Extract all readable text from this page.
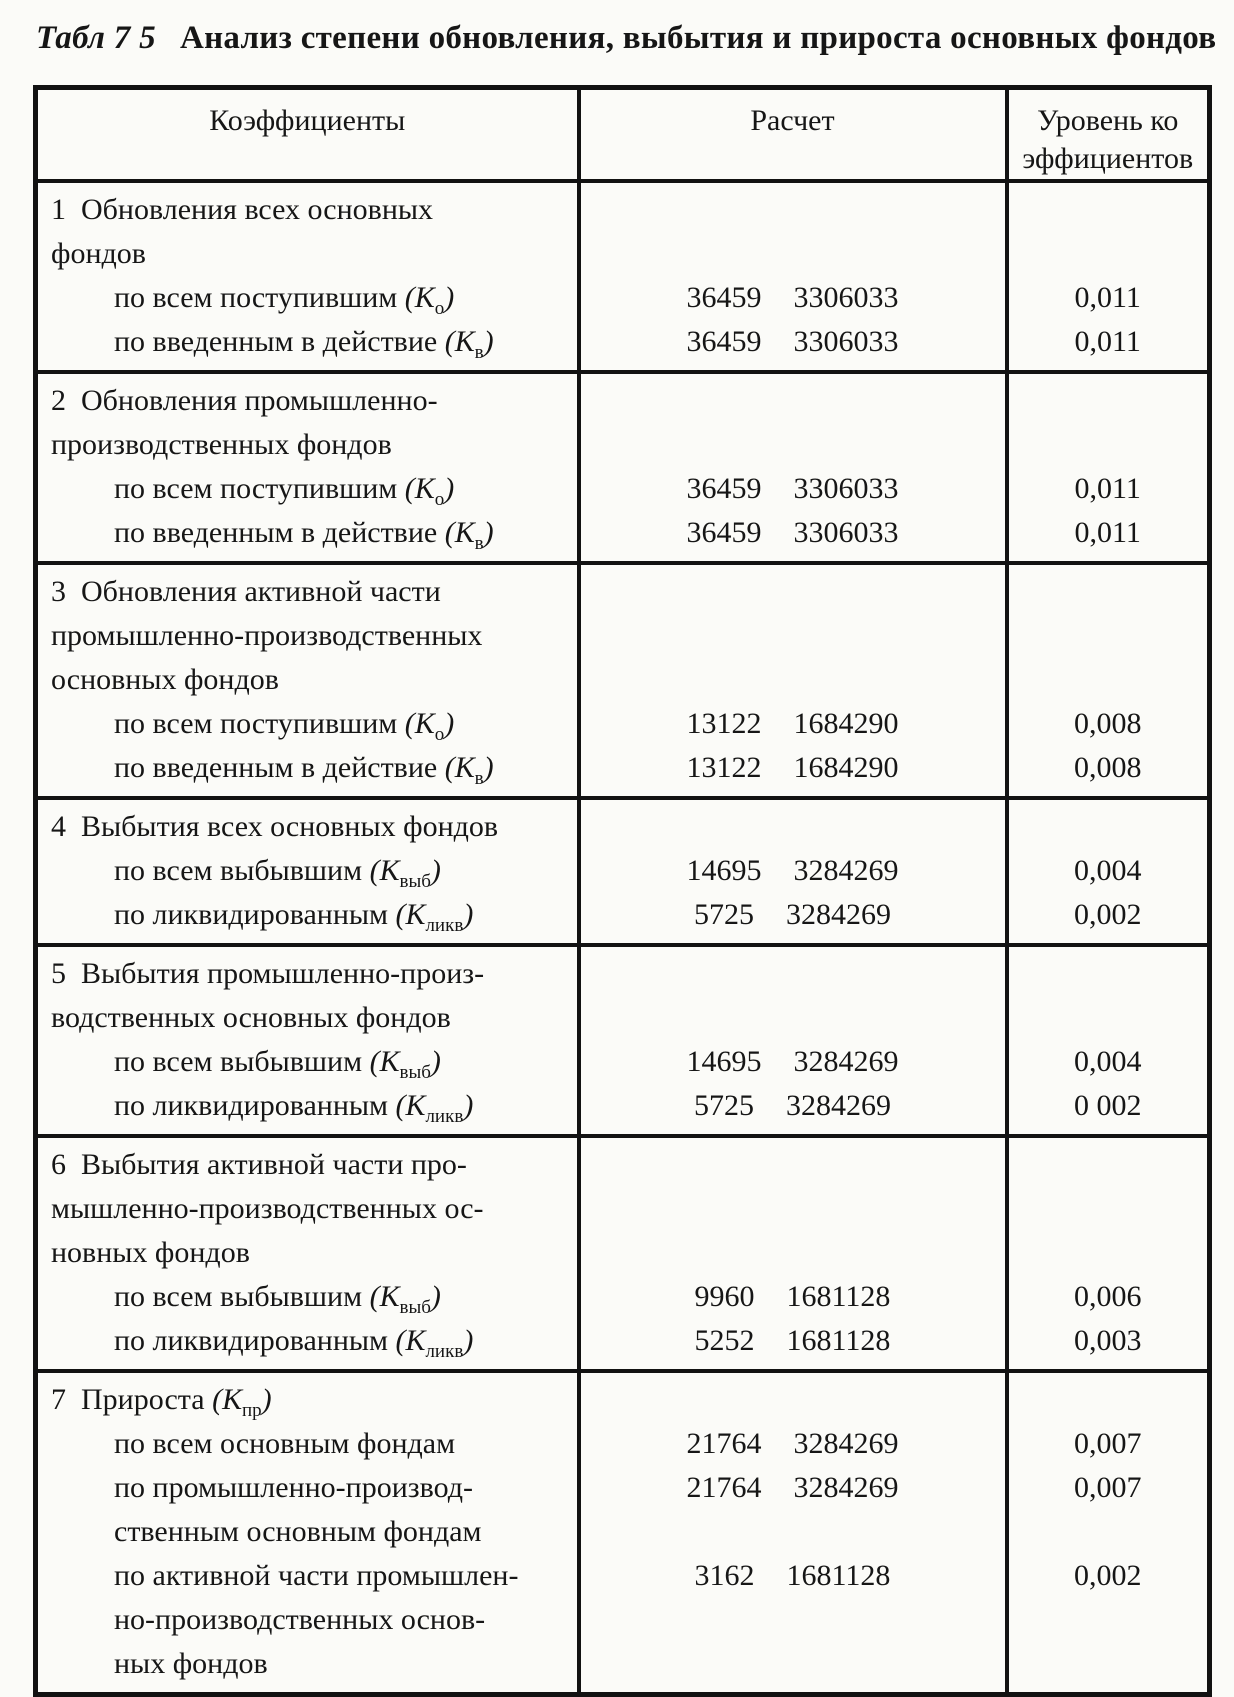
Табл 7 5 Анализ степени обновления, выбытия и прироста основных фондов
Коэффициенты	Расчет	Уровень ко
эффициентов

1  Обновления всех основных		
фондов		
по всем поступившим $(К_о)$	36459 3306033	0,011
по введенным в действие $(К_в)$	36459 3306033	0,011
2  Обновления промышленно-		
производственных фондов		
по всем поступившим $(К_о)$	36459 3306033	0,011
по введенным в действие $(К_в)$	36459 3306033	0,011
3  Обновления активной части		
промышленно-производственных		
основных фондов		
по всем поступившим $(К_о)$	13122 1684290	0,008
по введенным в действие $(К_в)$	13122 1684290	0,008
4  Выбытия всех основных фондов		
по всем выбывшим $(К_{выб})$	14695 3284269	0,004
по ликвидированным $(К_{ликв})$	5725 3284269	0,002
5  Выбытия промышленно-произ-		
водственных основных фондов		
по всем выбывшим $(К_{выб})$	14695 3284269	0,004
по ликвидированным $(К_{ликв})$	5725 3284269	0 002
6  Выбытия активной части про-		
мышленно-производственных ос-		
новных фондов		
по всем выбывшим $(К_{выб})$	9960 1681128	0,006
по ликвидированным $(К_{ликв})$	5252 1681128	0,003
7  Прироста $(К_{пр})$		
по всем основным фондам	21764 3284269	0,007
по промышленно-производ-	21764 3284269	0,007
ственным основным фондам		
по активной части промышлен-	3162 1681128	0,002
но-производственных основ-		
ных фондов		
